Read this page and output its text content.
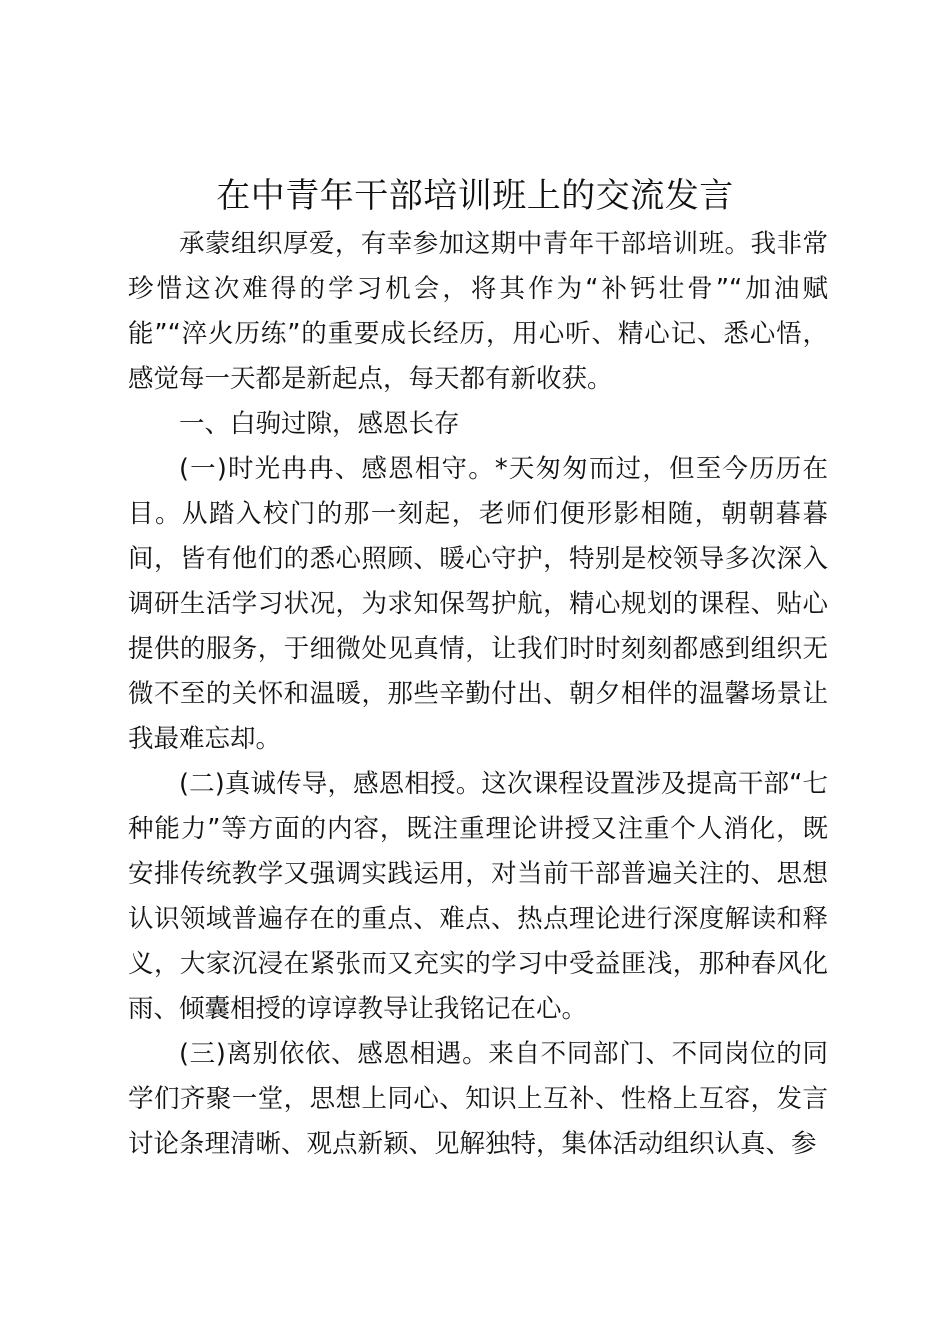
在中青年干部培训班上的交流发言

承蒙组织厚爱，有幸参加这期中青年干部培训班。我非常珍惜这次难得的学习机会，将其作为“补钙壮骨”“加油赋能”“淬火历练”的重要成长经历，用心听、精心记、悉心悟，感觉每一天都是新起点，每天都有新收获。

一、白驹过隙，感恩长存

(一)时光冉冉、感恩相守。*天匆匆而过，但至今历历在目。从踏入校门的那一刻起，老师们便形影相随，朝朝暮暮间，皆有他们的悉心照顾、暖心守护，特别是校领导多次深入调研生活学习状况，为求知保驾护航，精心规划的课程、贴心提供的服务，于细微处见真情，让我们时时刻刻都感到组织无微不至的关怀和温暖，那些辛勤付出、朝夕相伴的温馨场景让我最难忘却。

(二)真诚传导，感恩相授。这次课程设置涉及提高干部“七种能力”等方面的内容，既注重理论讲授又注重个人消化，既安排传统教学又强调实践运用，对当前干部普遍关注的、思想认识领域普遍存在的重点、难点、热点理论进行深度解读和释义，大家沉浸在紧张而又充实的学习中受益匪浅，那种春风化雨、倾囊相授的谆谆教导让我铭记在心。

(三)离别依依、感恩相遇。来自不同部门、不同岗位的同学们齐聚一堂，思想上同心、知识上互补、性格上互容，发言讨论条理清晰、观点新颖、见解独特，集体活动组织认真、参
